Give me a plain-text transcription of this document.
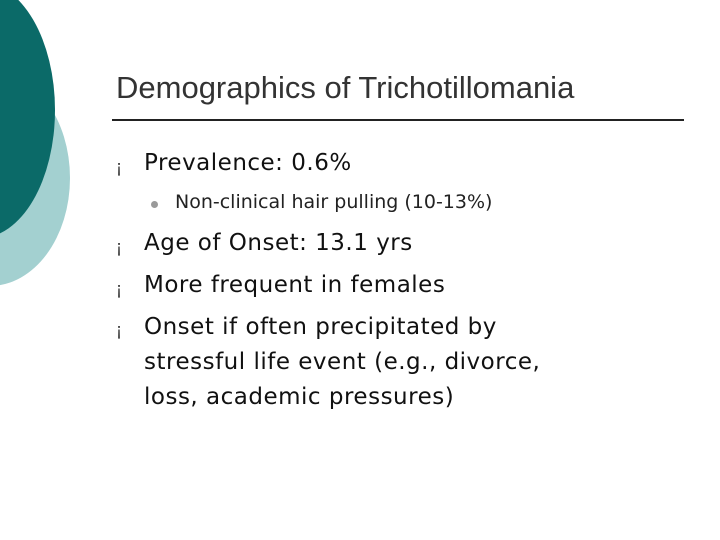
Demographics of Trichotillomania
¡ Prevalence: 0.6%
Non-clinical hair pulling (10-13%)
¡ Age of Onset: 13.1 yrs
¡ More frequent in females
¡ Onset if often precipitated by
stressful life event (e.g., divorce,
loss, academic pressures)
